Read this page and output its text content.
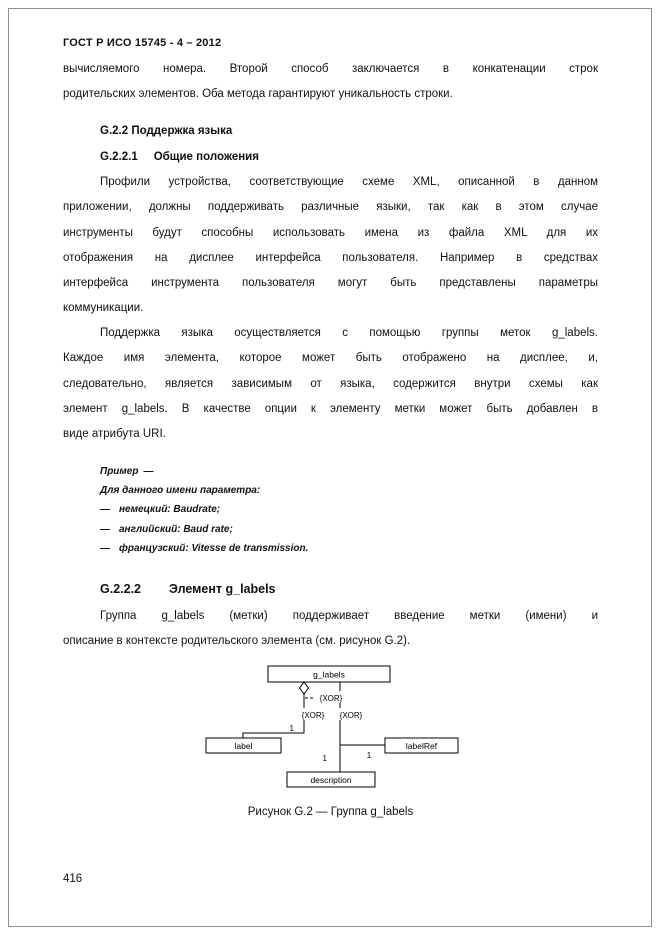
ГОСТ Р ИСО 15745 - 4 – 2012
вычисляемого номера. Второй способ заключается в конкатенации строк
родительских элементов. Оба метода гарантируют уникальность строки.
G.2.2 Поддержка языка
G.2.2.1 Общие положения
Профили устройства, соответствующие схеме XML, описанной в данном
приложении, должны поддерживать различные языки, так как в этом случае
инструменты будут способны использовать имена из файла XML для их
отображения на дисплее интерфейса пользователя. Например в средствах
интерфейса инструмента пользователя могут быть представлены параметры
коммуникации.
Поддержка языка осуществляется с помощью группы меток g_labels.
Каждое имя элемента, которое может быть отображено на дисплее, и,
следовательно, является зависимым от языка, содержится внутри схемы как
элемент g_labels. В качестве опции к элементу метки может быть добавлен в
виде атрибута URI.
Пример —
Для данного имени параметра:
— немецкий: Baudrate;
— английский: Baud rate;
— французский: Vitesse de transmission.
G.2.2.2 Элемент g_labels
Группа g_labels (метки) поддерживает введение метки (имени) и
описание в контексте родительского элемента (см. рисунок G.2).
{XOR}
{XOR} {XOR}
1
1	1
g_labels
label	labelRef
description
Рисунок G.2 — Группа g_labels
416
